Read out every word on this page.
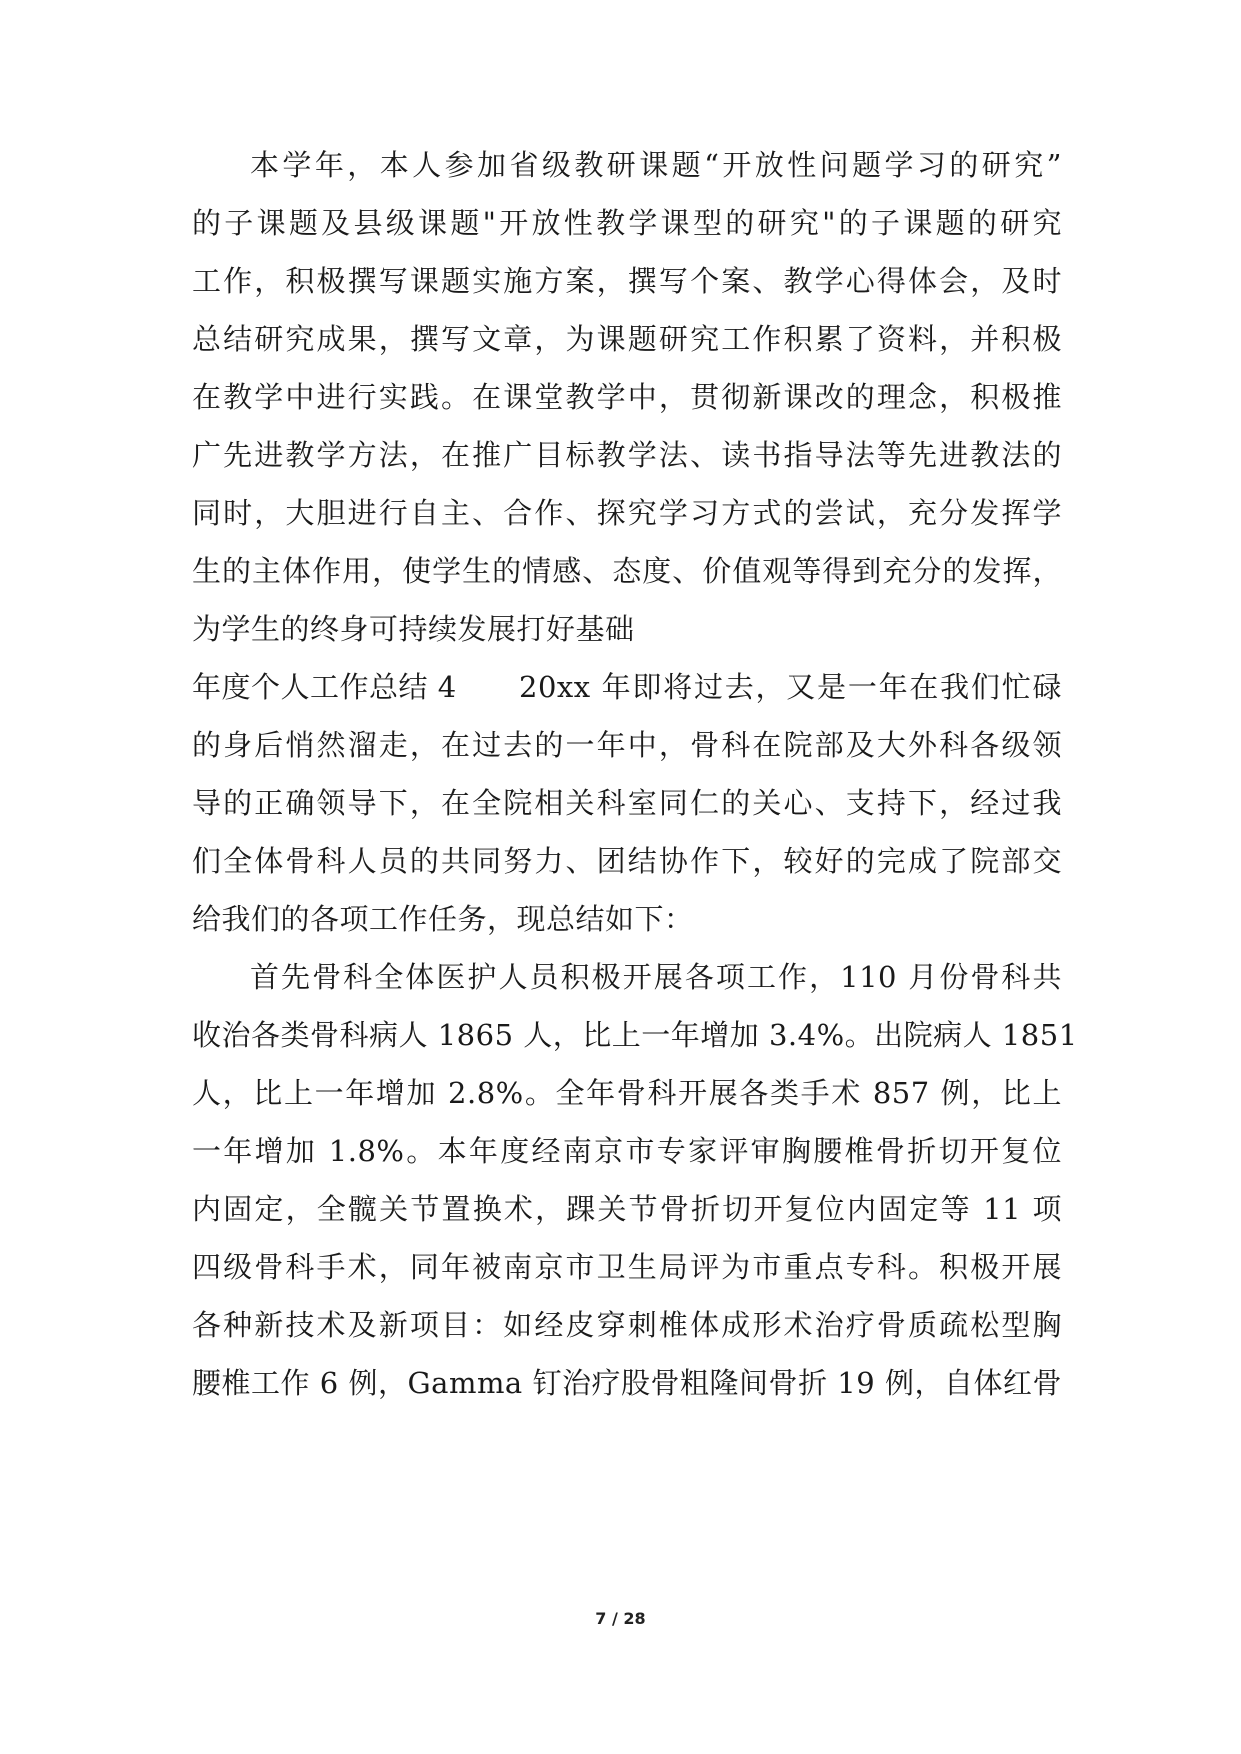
本学年，本人参加省级教研课题“开放性问题学习的研究”
的子课题及县级课题"开放性教学课型的研究"的子课题的研究
工作，积极撰写课题实施方案，撰写个案、教学心得体会，及时
总结研究成果，撰写文章，为课题研究工作积累了资料，并积极
在教学中进行实践。在课堂教学中，贯彻新课改的理念，积极推
广先进教学方法，在推广目标教学法、读书指导法等先进教法的
同时，大胆进行自主、合作、探究学习方式的尝试，充分发挥学
生的主体作用，使学生的情感、态度、价值观等得到充分的发挥，
为学生的终身可持续发展打好基础
年度个人工作总结 4 20xx 年即将过去，又是一年在我们忙碌
的身后悄然溜走，在过去的一年中，骨科在院部及大外科各级领
导的正确领导下，在全院相关科室同仁的关心、支持下，经过我
们全体骨科人员的共同努力、团结协作下，较好的完成了院部交
给我们的各项工作任务，现总结如下：
首先骨科全体医护人员积极开展各项工作，110 月份骨科共
收治各类骨科病人 1865 人，比上一年增加 3.4%。出院病人 1851
人，比上一年增加 2.8%。全年骨科开展各类手术 857 例，比上
一年增加 1.8%。本年度经南京市专家评审胸腰椎骨折切开复位
内固定，全髋关节置换术，踝关节骨折切开复位内固定等 11 项
四级骨科手术，同年被南京市卫生局评为市重点专科。积极开展
各种新技术及新项目：如经皮穿刺椎体成形术治疗骨质疏松型胸
腰椎工作 6 例，Gamma 钉治疗股骨粗隆间骨折 19 例，自体红骨
7 / 28
